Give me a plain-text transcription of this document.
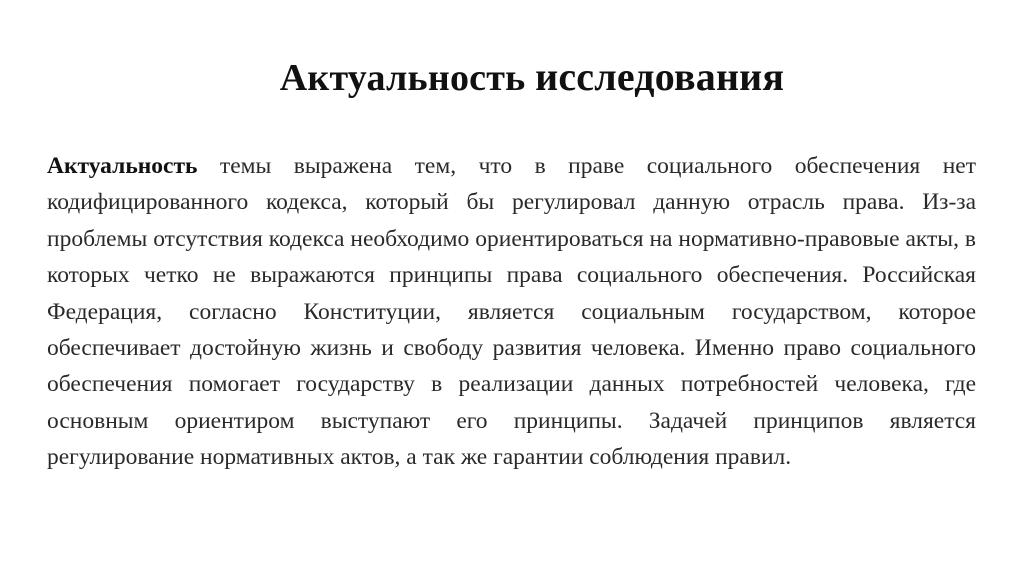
Актуальность исследования

Актуальность темы выражена тем, что в праве социального обеспечения нет кодифицированного кодекса, который бы регулировал данную отрасль права. Из-за проблемы отсутствия кодекса необходимо ориентироваться на нормативно-правовые акты, в которых четко не выражаются принципы права социального обеспечения. Российская Федерация, согласно Конституции, является социальным государством, которое обеспечивает достойную жизнь и свободу развития человека. Именно право социального обеспечения помогает государству в реализации данных потребностей человека, где основным ориентиром выступают его принципы. Задачей принципов является регулирование нормативных актов, а так же гарантии соблюдения правил.
